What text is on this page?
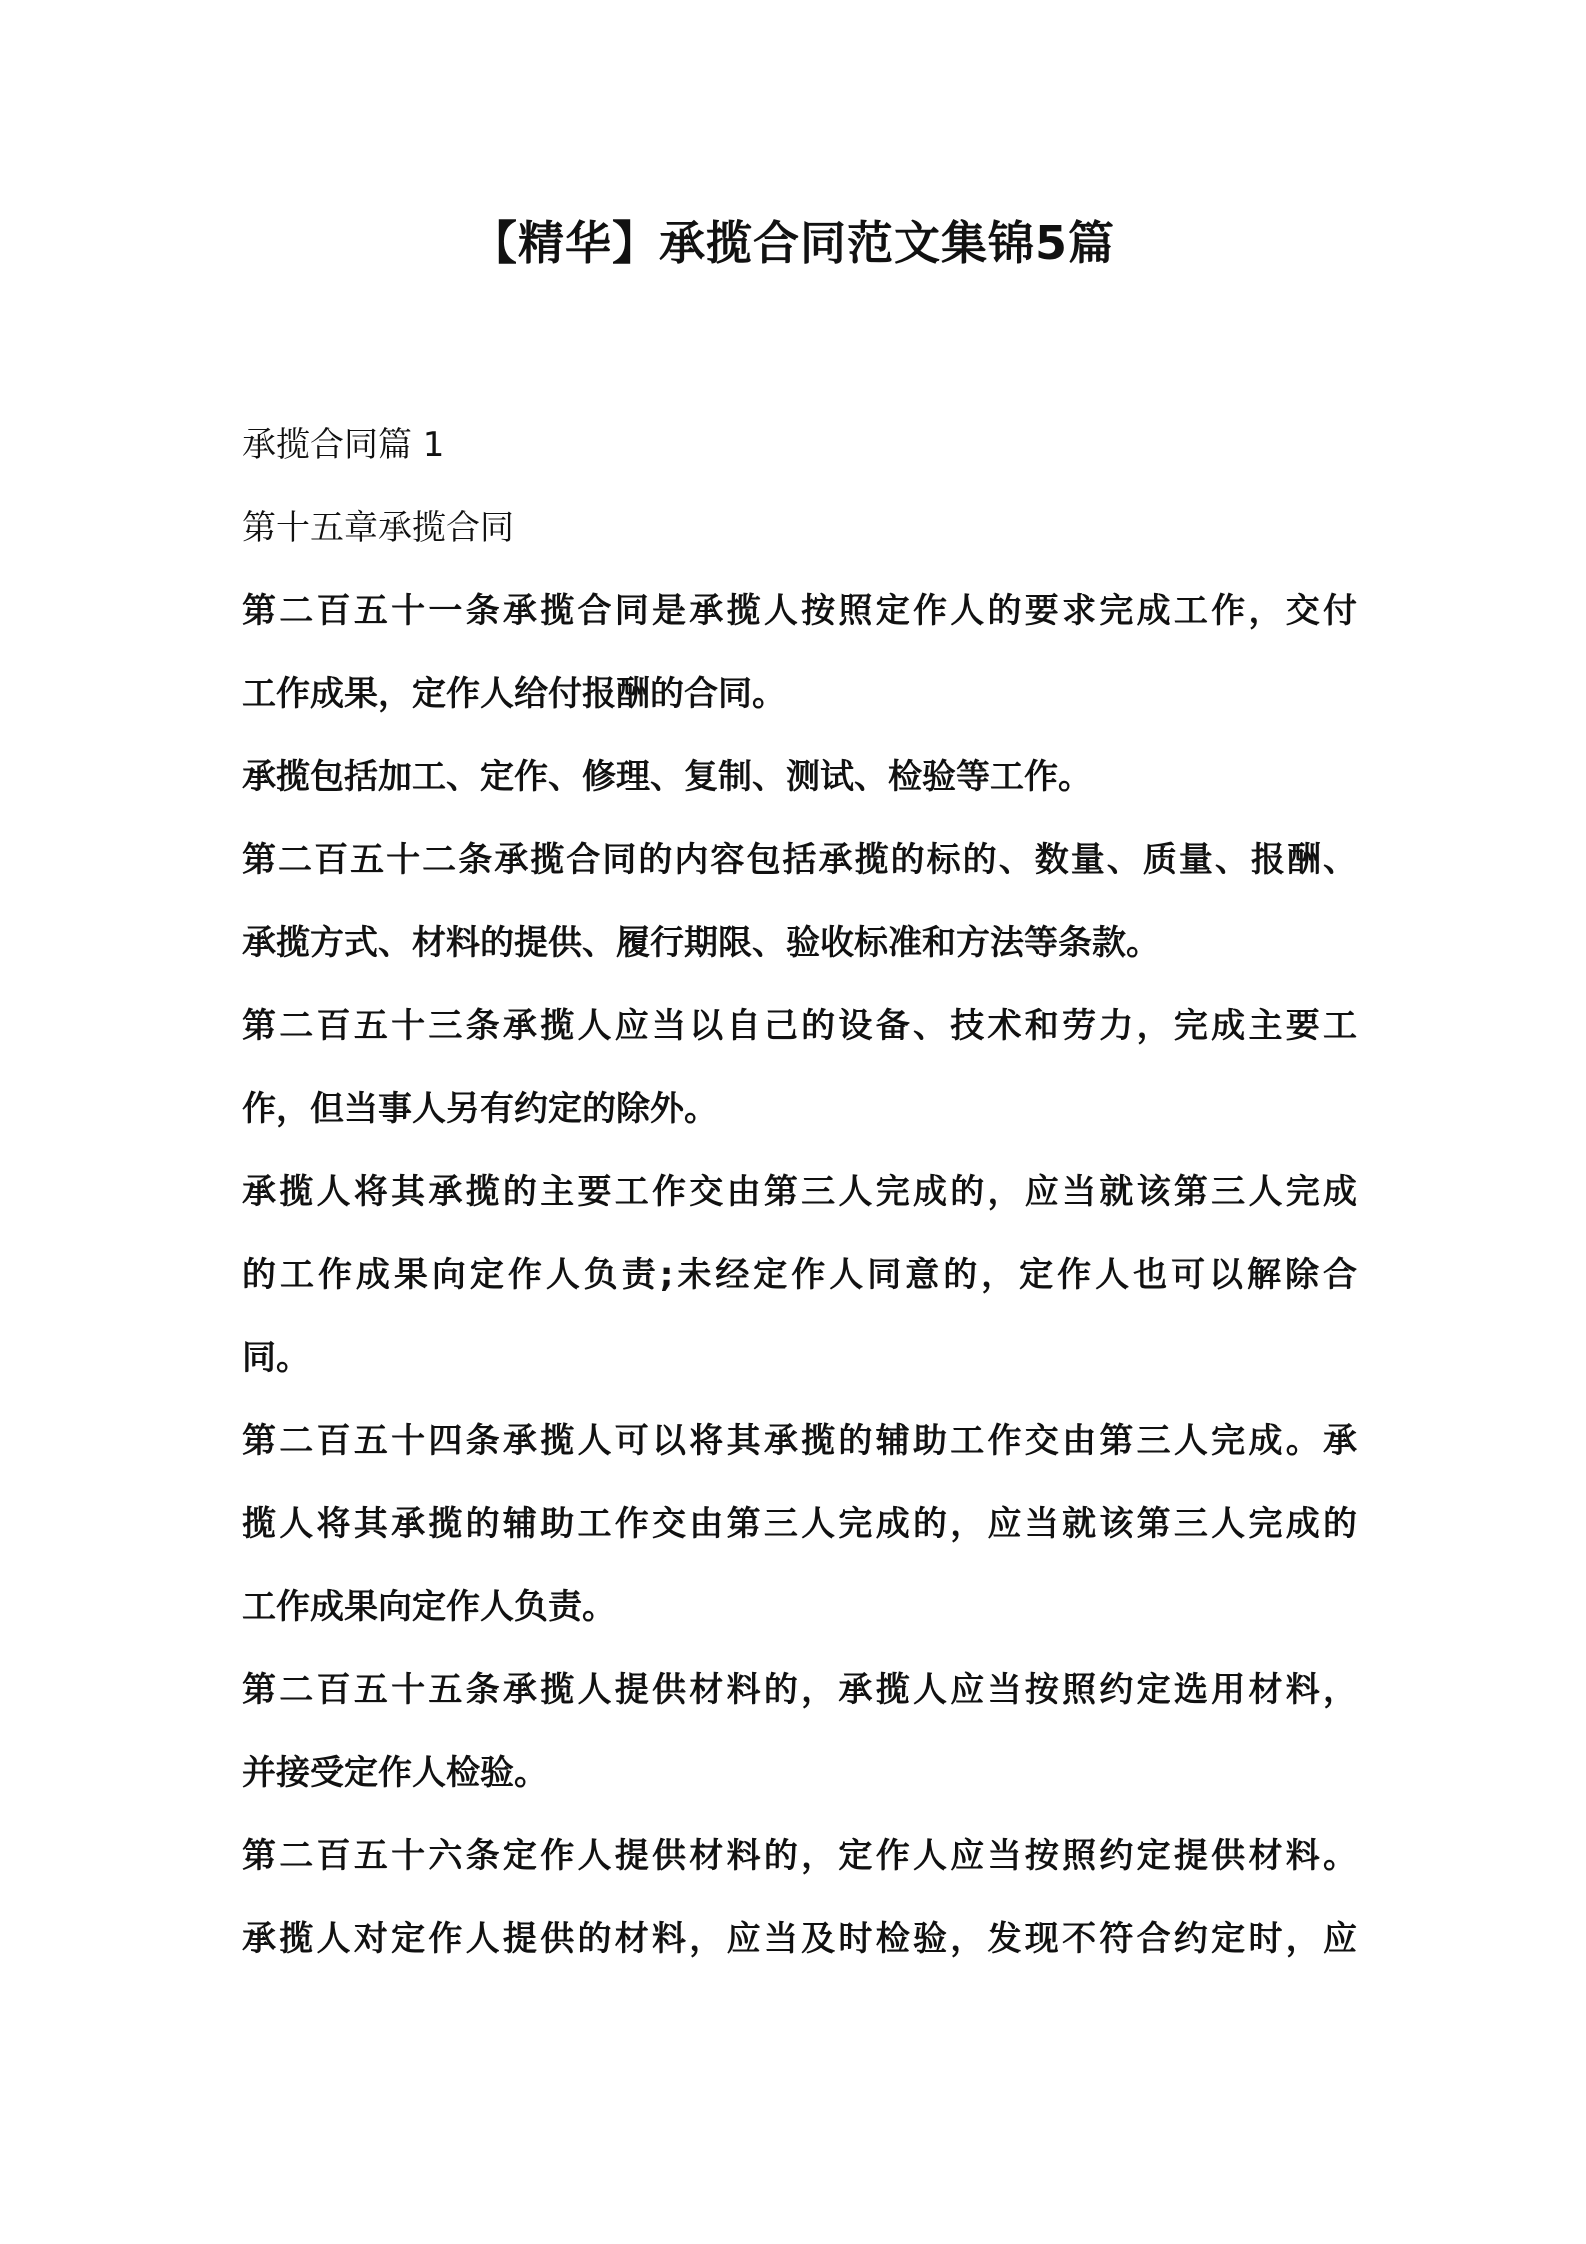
【精华】承揽合同范文集锦5篇
承揽合同篇 1
第十五章承揽合同
第二百五十一条承揽合同是承揽人按照定作人的要求完成工作，交付
工作成果，定作人给付报酬的合同。
承揽包括加工、定作、修理、复制、测试、检验等工作。
第二百五十二条承揽合同的内容包括承揽的标的、数量、质量、报酬、
承揽方式、材料的提供、履行期限、验收标准和方法等条款。
第二百五十三条承揽人应当以自己的设备、技术和劳力，完成主要工
作，但当事人另有约定的除外。
承揽人将其承揽的主要工作交由第三人完成的，应当就该第三人完成
的工作成果向定作人负责;未经定作人同意的，定作人也可以解除合
同。
第二百五十四条承揽人可以将其承揽的辅助工作交由第三人完成。承
揽人将其承揽的辅助工作交由第三人完成的，应当就该第三人完成的
工作成果向定作人负责。
第二百五十五条承揽人提供材料的，承揽人应当按照约定选用材料，
并接受定作人检验。
第二百五十六条定作人提供材料的，定作人应当按照约定提供材料。
承揽人对定作人提供的材料，应当及时检验，发现不符合约定时，应
